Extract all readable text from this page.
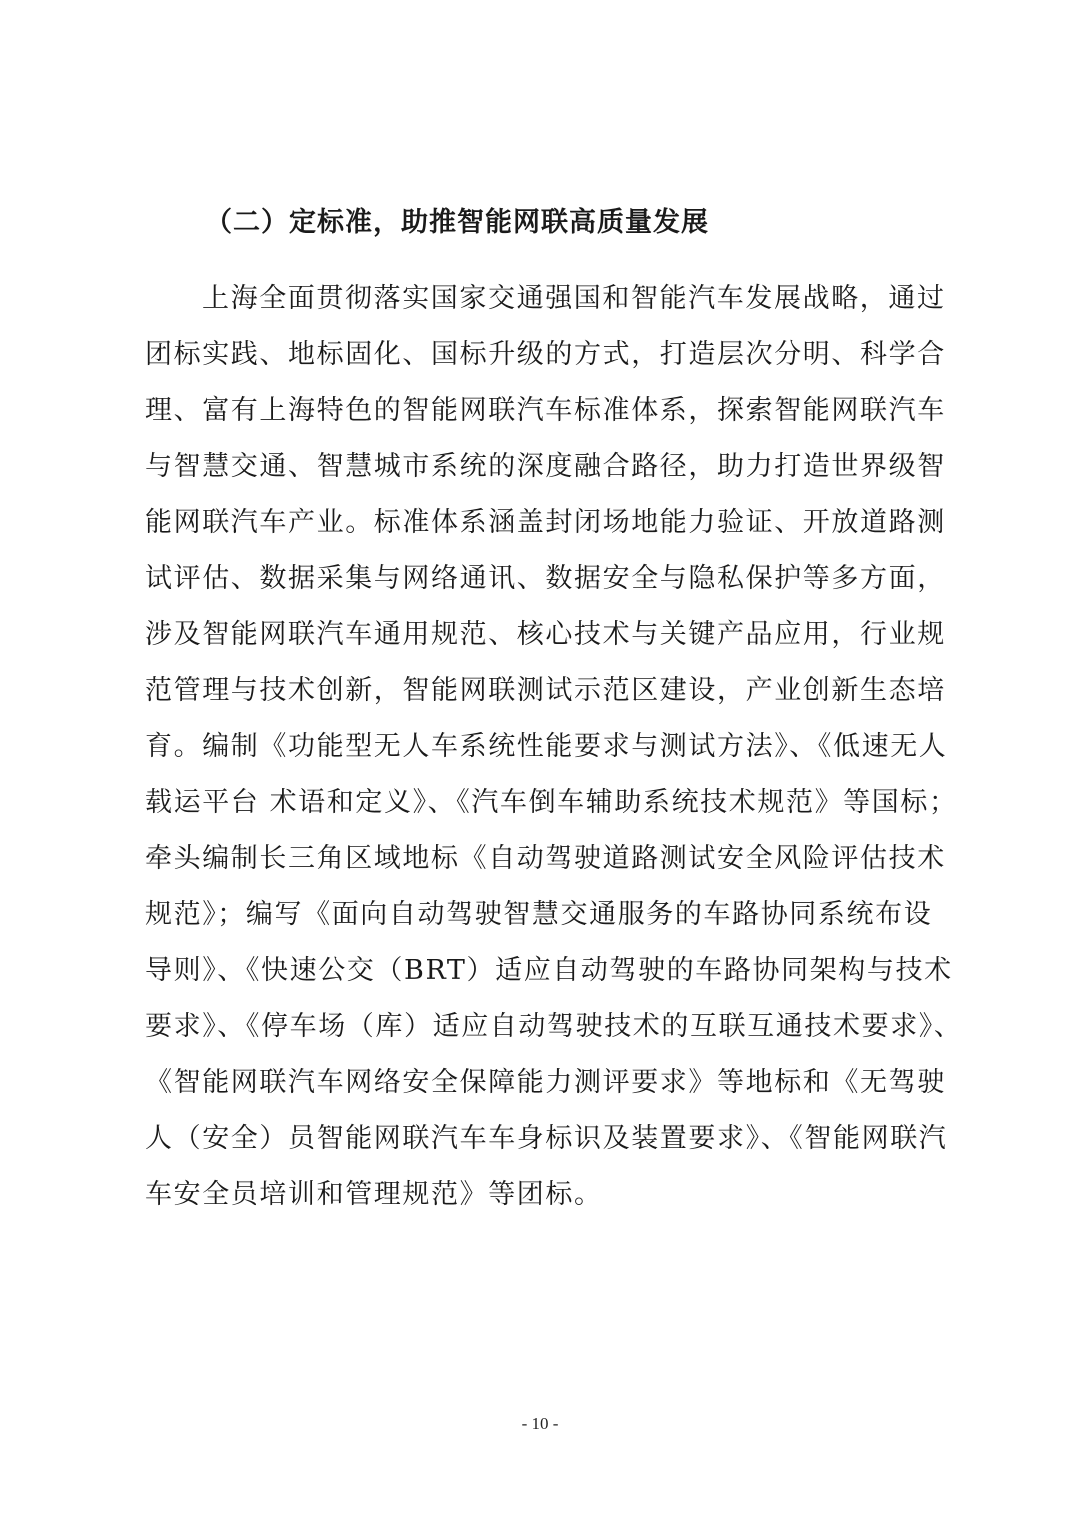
（二）定标准，助推智能网联高质量发展
上海全面贯彻落实国家交通强国和智能汽车发展战略，通过
团标实践、地标固化、国标升级的方式，打造层次分明、科学合
理、富有上海特色的智能网联汽车标准体系，探索智能网联汽车
与智慧交通、智慧城市系统的深度融合路径，助力打造世界级智
能网联汽车产业。标准体系涵盖封闭场地能力验证、开放道路测
试评估、数据采集与网络通讯、数据安全与隐私保护等多方面，
涉及智能网联汽车通用规范、核心技术与关键产品应用，行业规
范管理与技术创新，智能网联测试示范区建设，产业创新生态培
育。编制《功能型无人车系统性能要求与测试方法》、《低速无人
载运平台 术语和定义》、《汽车倒车辅助系统技术规范》等国标；
牵头编制长三角区域地标《自动驾驶道路测试安全风险评估技术
规范》；编写《面向自动驾驶智慧交通服务的车路协同系统布设
导则》、《快速公交（BRT）适应自动驾驶的车路协同架构与技术
要求》、《停车场（库）适应自动驾驶技术的互联互通技术要求》、
《智能网联汽车网络安全保障能力测评要求》等地标和《无驾驶
人（安全）员智能网联汽车车身标识及装置要求》、《智能网联汽
车安全员培训和管理规范》等团标。
- 10 -
